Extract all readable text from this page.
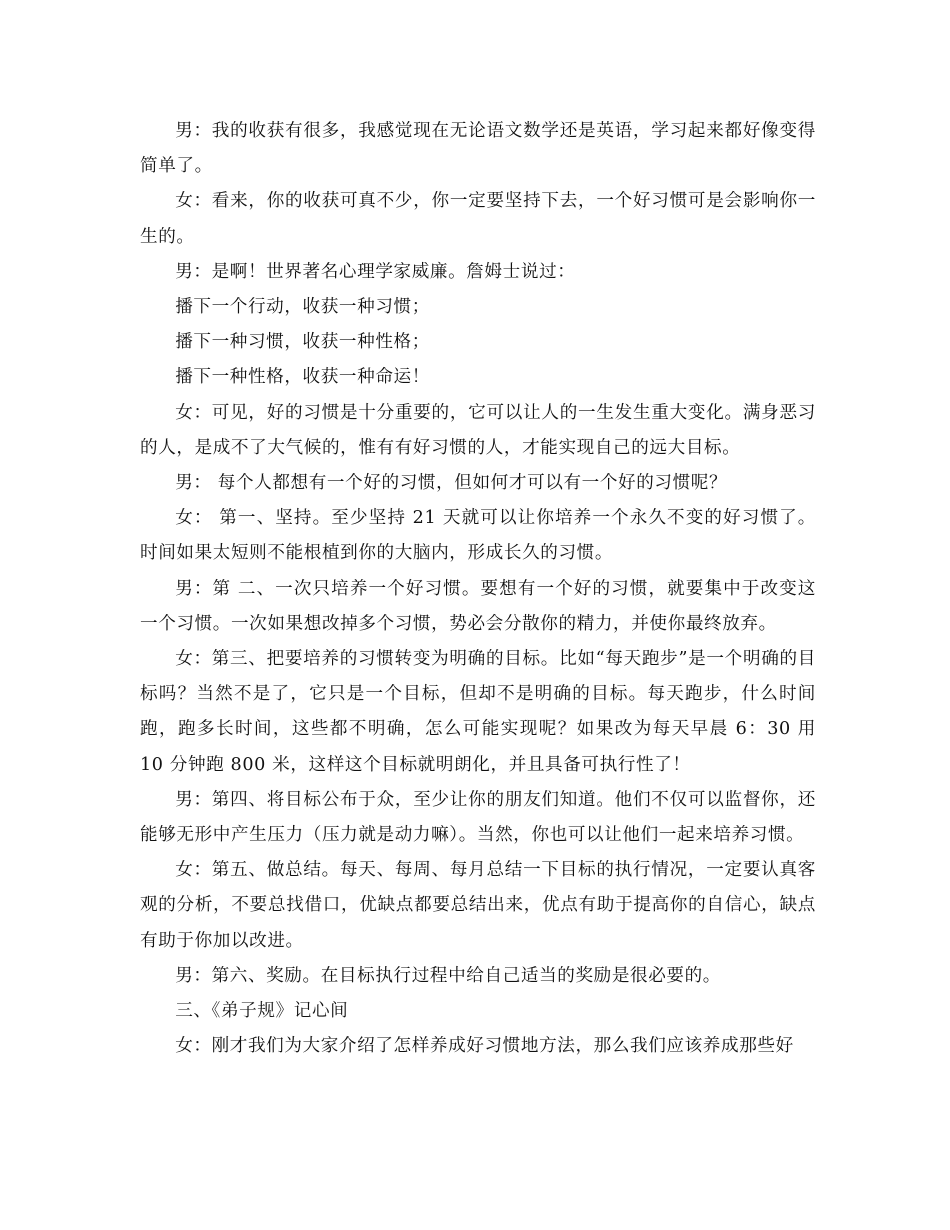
男：我的收获有很多，我感觉现在无论语文数学还是英语，学习起来都好像变得简单了。

女：看来，你的收获可真不少，你一定要坚持下去，一个好习惯可是会影响你一生的。

男：是啊！世界著名心理学家威廉。詹姆士说过：

播下一个行动，收获一种习惯；

播下一种习惯，收获一种性格；

播下一种性格，收获一种命运！

女：可见，好的习惯是十分重要的，它可以让人的一生发生重大变化。满身恶习的人，是成不了大气候的，惟有有好习惯的人，才能实现自己的远大目标。

男： 每个人都想有一个好的习惯，但如何才可以有一个好的习惯呢？

女： 第一、坚持。至少坚持 21 天就可以让你培养一个永久不变的好习惯了。时间如果太短则不能根植到你的大脑内，形成长久的习惯。

男：第 二、一次只培养一个好习惯。要想有一个好的习惯，就要集中于改变这一个习惯。一次如果想改掉多个习惯，势必会分散你的精力，并使你最终放弃。

女：第三、把要培养的习惯转变为明确的目标。比如“每天跑步”是一个明确的目标吗？当然不是了，它只是一个目标，但却不是明确的目标。每天跑步，什么时间跑，跑多长时间，这些都不明确，怎么可能实现呢？如果改为每天早晨 6：30 用 10 分钟跑 800 米，这样这个目标就明朗化，并且具备可执行性了！

男：第四、将目标公布于众，至少让你的朋友们知道。他们不仅可以监督你，还能够无形中产生压力（压力就是动力嘛）。当然，你也可以让他们一起来培养习惯。

女：第五、做总结。每天、每周、每月总结一下目标的执行情况，一定要认真客观的分析，不要总找借口，优缺点都要总结出来，优点有助于提高你的自信心，缺点有助于你加以改进。

男：第六、奖励。在目标执行过程中给自己适当的奖励是很必要的。

三、《弟子规》记心间

女：刚才我们为大家介绍了怎样养成好习惯地方法，那么我们应该养成那些好
